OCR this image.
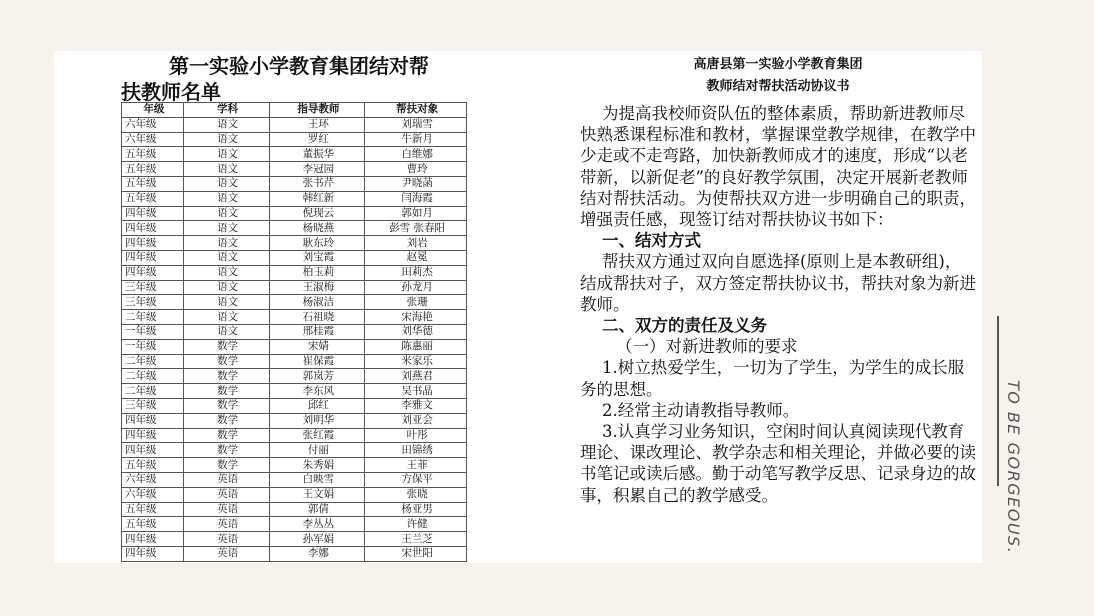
第一实验小学教育集团结对帮
扶教师名单
年级	学科	指导教师	帮扶对象
六年级	语文	王环	刘瑞雪
六年级	语文	罗红	牛新月
五年级	语文	董振华	白维娜
五年级	语文	李冠园	曹玲
五年级	语文	张书芹	尹晓菡
五年级	语文	韩红新	闫海霞
四年级	语文	倪现云	郭如月
四年级	语文	杨晓燕	彭雪 张春阳
四年级	语文	耿东玲	刘岩
四年级	语文	刘宝霞	赵冕
四年级	语文	柏玉莉	田莉杰
三年级	语文	王淑梅	孙龙月
三年级	语文	杨淑洁	张珊
二年级	语文	石祖晓	宋海艳
一年级	语文	邢桂霞	刘华德
一年级	数学	宋婧	陈惠丽
二年级	数学	崔保霞	米家乐
二年级	数学	郭岚芳	刘燕君
二年级	数学	李东风	吴书晶
三年级	数学	邱红	李雅文
四年级	数学	刘明华	刘亚会
四年级	数学	张红霞	叶彤
四年级	数学	付丽	田锦绣
五年级	数学	朱秀娟	王菲
六年级	英语	白映雪	方保平
六年级	英语	王文娟	张晓
五年级	英语	郭倩	杨亚男
五年级	英语	李丛丛	许健
四年级	英语	孙军娟	王兰芝
四年级	英语	李娜	宋世阳
高唐县第一实验小学教育集团
教师结对帮扶活动协议书

为提高我校师资队伍的整体素质，帮助新进教师尽快熟悉课程标准和教材，掌握课堂教学规律，在教学中少走或不走弯路，加快新教师成才的速度，形成“以老带新，以新促老”的良好教学氛围，决定开展新老教师结对帮扶活动。为使帮扶双方进一步明确自己的职责，增强责任感，现签订结对帮扶协议书如下：

一、结对方式

帮扶双方通过双向自愿选择(原则上是本教研组)，结成帮扶对子，双方签定帮扶协议书，帮扶对象为新进教师。

二、双方的责任及义务

（一）对新进教师的要求

1.树立热爱学生，一切为了学生，为学生的成长服务的思想。

2.经常主动请教指导教师。

3.认真学习业务知识，空闲时间认真阅读现代教育理论、课改理论、教学杂志和相关理论，并做必要的读书笔记或读后感。勤于动笔写教学反思、记录身边的故事，积累自己的教学感受。	TO BE GORGEOUS.
